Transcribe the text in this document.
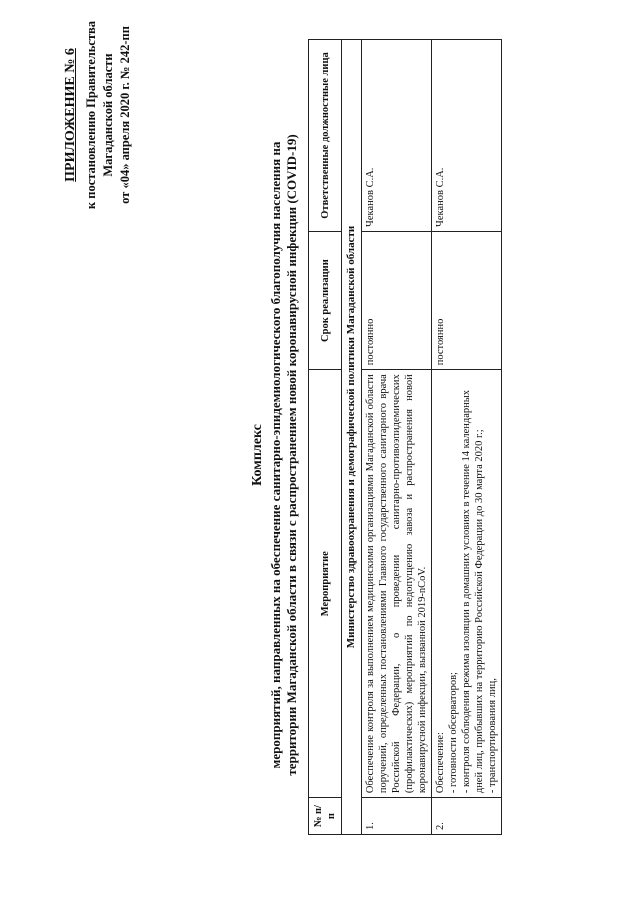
ПРИЛОЖЕНИЕ № 6 к постановлению Правительства Магаданской области от «04» апреля 2020 г. № 242-пп
Комплекс мероприятий, направленных на обеспечение санитарно-эпидемиологического благополучия населения на территории Магаданской области в связи с распространением новой коронавирусной инфекции (COVID-19)
№ п/п	Мероприятие	Срок реализации	Ответственные должностные лица
Министерство здравоохранения и демографической политики Магаданской области			
1.	Обеспечение контроля за выполнением медицинскими организациями Магаданской области поручений, определенных постановлениями Главного государственного санитарного врача Российской Федерации, о проведении санитарно-противоэпидемических (профилактических) мероприятий по недопущению завоза и распространения новой коронавирусной инфекции, вызванной 2019-nCoV.	постоянно	Чеканов С.А.
2.	Обеспечение: - готовности обсерваторов; - контроля соблюдения режима изоляции в домашних условиях в течение 14 календарных дней лиц, прибывших на территорию Российской Федерации до 30 марта 2020 г.; - транспортирования лиц,	постоянно	Чеканов С.А.
